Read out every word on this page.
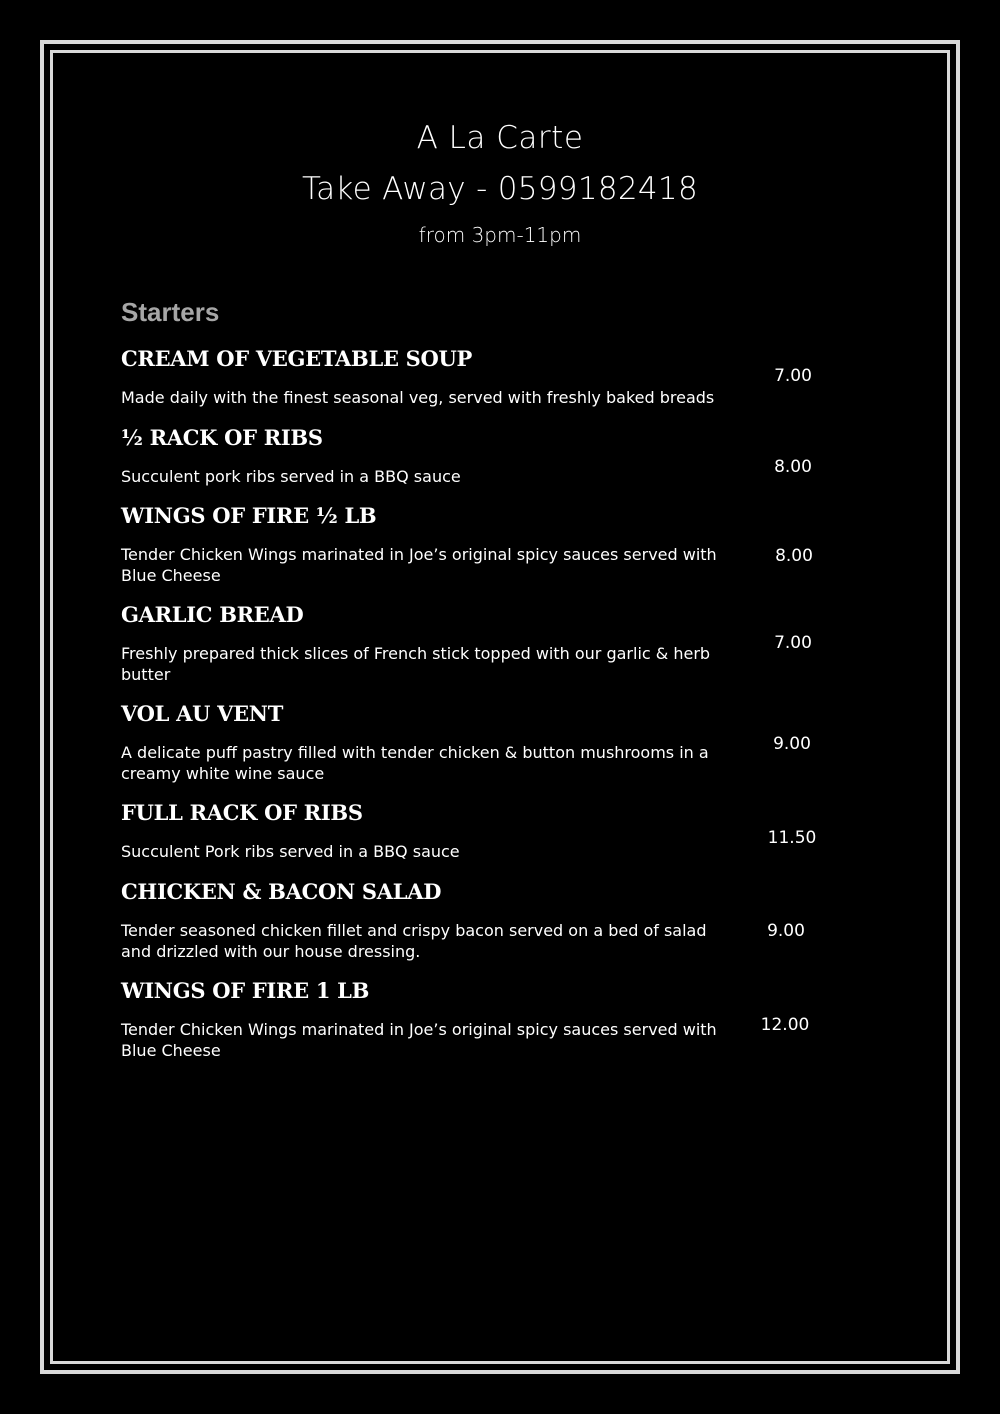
A La Carte
Take Away - 0599182418
from 3pm-11pm
Starters
CREAM OF VEGETABLE SOUP
Made daily with the finest seasonal veg, served with freshly baked breads
7.00
½ RACK OF RIBS
Succulent pork ribs served in a BBQ sauce	8.00
WINGS OF FIRE ½ LB
Tender Chicken Wings marinated in Joe’s original spicy sauces served with Blue Cheese
8.00
GARLIC BREAD
Freshly prepared thick slices of French stick topped with our garlic & herb butter
7.00
VOL AU VENT
A delicate puff pastry filled with tender chicken & button mushrooms in a creamy white wine sauce
9.00
FULL RACK OF RIBS
Succulent Pork ribs served in a BBQ sauce
11.50
CHICKEN & BACON SALAD
Tender seasoned chicken fillet and crispy bacon served on a bed of salad and drizzled with our house dressing.
9.00
WINGS OF FIRE 1 LB
Tender Chicken Wings marinated in Joe’s original spicy sauces served with Blue Cheese
12.00
